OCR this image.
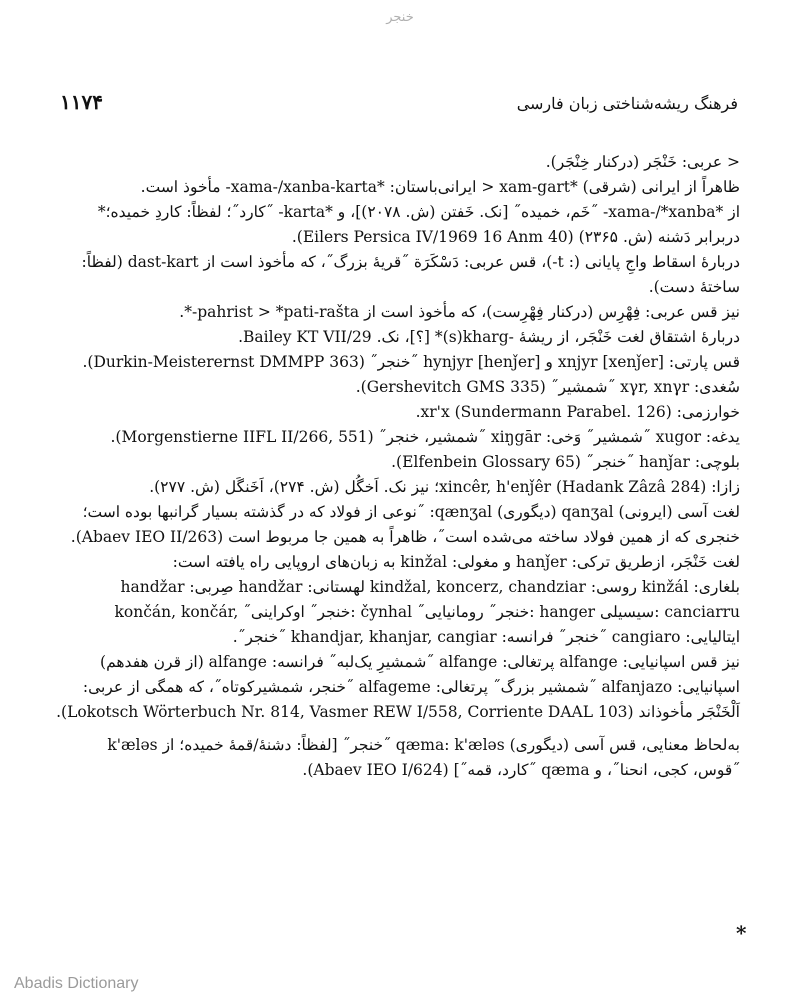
خنجر
۱۱۷۴	فرهنگ ریشه‌شناختی زبان فارسی
< عربی: خَنْجَر (درکنار خِنْجَر).
ظاهراً از ایرانی (شرقی) *xam-gart < ایرانی‌باستان: *xama-/xanba-karta- مأخوذ است.
از *xama-/*xanba- ˝خَم، خمیده˝ [نک. خَفتن (ش. ۲۰۷۸)]، و *karta- ˝کارد˝؛ لفظاً: کاردِ خمیده؛*
دربرابر دَشنه (ش. ۲۳۶۵) (Eilers Persica IV/1969 16 Anm 40).
دربارهٔ اسقاط واجِ پایانی (: t-)، قس عربی: دَسْکَرَة ˝قریهٔ بزرگ˝، که مأخوذ است از dast-kart (لفظاً:
ساختهٔ دست).
نیز قس عربی: فِهْرِس (درکنار فِهْرِست)، که مأخوذ است از pahrist > *pati-rašta-*.
دربارهٔ اشتقاق لغت خَنْجَر، از ریشهٔ -s)kharg)* [؟]، نک. Bailey KT VII/29.
قس پارتی: xnjyr [xenǰer] و hynjyr [henǰer] ˝خنجر˝ (Durkin-Meisterernst DMMPP 363).
سُغدی: xγr, xnγr ˝شمشیر˝ (Gershevitch GMS 335).
خوارزمی: xr'x (Sundermann Parabel. 126).
یدغه: xugor ˝شمشیر˝ وَخی: xiŋgār ˝شمشیر، خنجر˝ (Morgenstierne IIFL II/266, 551).
بلوچی: hanǰar ˝خنجر˝ (Elfenbein Glossary 65).
زازا: xincêr, h'enǰêr (Hadank Zâzâ 284)؛ نیز نک. اَخگُل (ش. ۲۷۴)، اَخَنگَل (ش. ۲۷۷).
لغت آسی (ایرونی) qanʒal (دیگوری) qænʒal: ˝نوعی از فولاد که در گذشته بسیار گرانبها بوده است؛
خنجری که از همین فولاد ساخته می‌شده است˝، ظاهراً به همین جا مربوط است (Abaev IEO II/263).
لغت خَنْجَر، ازطریق ترکی: hanǰer و مغولی: kinžal به زبان‌های اروپایی راه یافته است:
بلغاری: kinžál روسی: kindžal, koncerz, chandziar لهستانی: handžar صِربی: handžar
končán, končár, ˝خنجر˝ اوکراینی: čynhal ˝خنجر˝ رومانیایی: hanger سیسیلی: canciarru
ایتالیایی: cangiaro ˝خنجر˝ فرانسه: khandjar, khanjar, cangiar ˝خنجر˝.
نیز قس اسپانیایی: alfange پرتغالی: alfange ˝شمشیرِ یک‌لبه˝ فرانسه: alfange (از قرن هفدهم)
اسپانیایی: alfanjazo ˝شمشیر بزرگ˝ پرتغالی: alfageme ˝خنجر، شمشیرکوتاه˝، که همگی از عربی:
اَلْخَنْجَر مأخوذاند (Lokotsch Wörterbuch Nr. 814, Vasmer REW I/558, Corriente DAAL 103).
به‌لحاظ معنایی، قس آسی (دیگوری) qæma: k'æləs ˝خنجر˝ [لفظاً: دشنهٔ/قمهٔ خمیده؛ از k'æləs
˝قوس، کجی، انحنا˝، و qæma ˝کارد، قمه˝] (Abaev IEO I/624).
*
Abadis Dictionary
